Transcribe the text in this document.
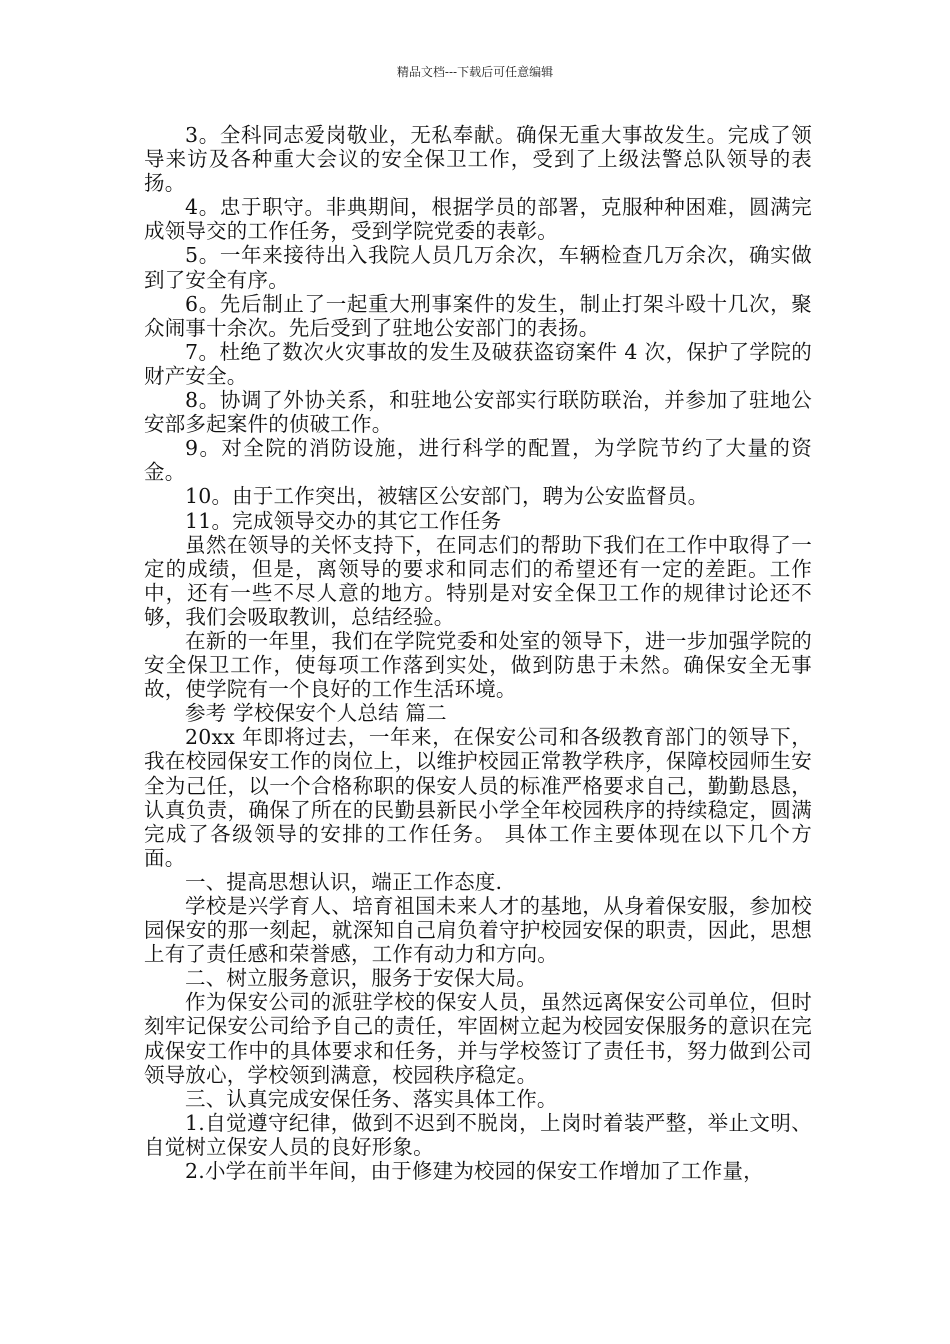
精品文档---下载后可任意编辑

3。全科同志爱岗敬业，无私奉献。确保无重大事故发生。完成了领导来访及各种重大会议的安全保卫工作，受到了上级法警总队领导的表扬。

4。忠于职守。非典期间，根据学员的部署，克服种种困难，圆满完成领导交的工作任务，受到学院党委的表彰。

5。一年来接待出入我院人员几万余次，车辆检查几万余次，确实做到了安全有序。

6。先后制止了一起重大刑事案件的发生，制止打架斗殴十几次，聚众闹事十余次。先后受到了驻地公安部门的表扬。

7。杜绝了数次火灾事故的发生及破获盗窃案件 4 次，保护了学院的财产安全。

8。协调了外协关系，和驻地公安部实行联防联治，并参加了驻地公安部多起案件的侦破工作。

9。对全院的消防设施，进行科学的配置，为学院节约了大量的资金。

10。由于工作突出，被辖区公安部门，聘为公安监督员。

11。完成领导交办的其它工作任务

虽然在领导的关怀支持下，在同志们的帮助下我们在工作中取得了一定的成绩，但是，离领导的要求和同志们的希望还有一定的差距。工作中，还有一些不尽人意的地方。特别是对安全保卫工作的规律讨论还不够，我们会吸取教训，总结经验。

在新的一年里，我们在学院党委和处室的领导下，进一步加强学院的安全保卫工作，使每项工作落到实处，做到防患于未然。确保安全无事故，使学院有一个良好的工作生活环境。

参考 学校保安个人总结 篇二

20xx 年即将过去，一年来，在保安公司和各级教育部门的领导下，我在校园保安工作的岗位上，以维护校园正常教学秩序，保障校园师生安全为己任，以一个合格称职的保安人员的标准严格要求自己，勤勤恳恳，认真负责，确保了所在的民勤县新民小学全年校园秩序的持续稳定，圆满完成了各级领导的安排的工作任务。 具体工作主要体现在以下几个方面。

一、提高思想认识，端正工作态度.

学校是兴学育人、培育祖国未来人才的基地，从身着保安服，参加校园保安的那一刻起，就深知自己肩负着守护校园安保的职责，因此，思想上有了责任感和荣誉感，工作有动力和方向。

二、树立服务意识，服务于安保大局。

作为保安公司的派驻学校的保安人员，虽然远离保安公司单位，但时刻牢记保安公司给予自己的责任，牢固树立起为校园安保服务的意识在完成保安工作中的具体要求和任务，并与学校签订了责任书，努力做到公司领导放心，学校领到满意，校园秩序稳定。

三、认真完成安保任务、落实具体工作。

1.自觉遵守纪律，做到不迟到不脱岗，上岗时着装严整，举止文明、自觉树立保安人员的良好形象。

2.小学在前半年间，由于修建为校园的保安工作增加了工作量，
